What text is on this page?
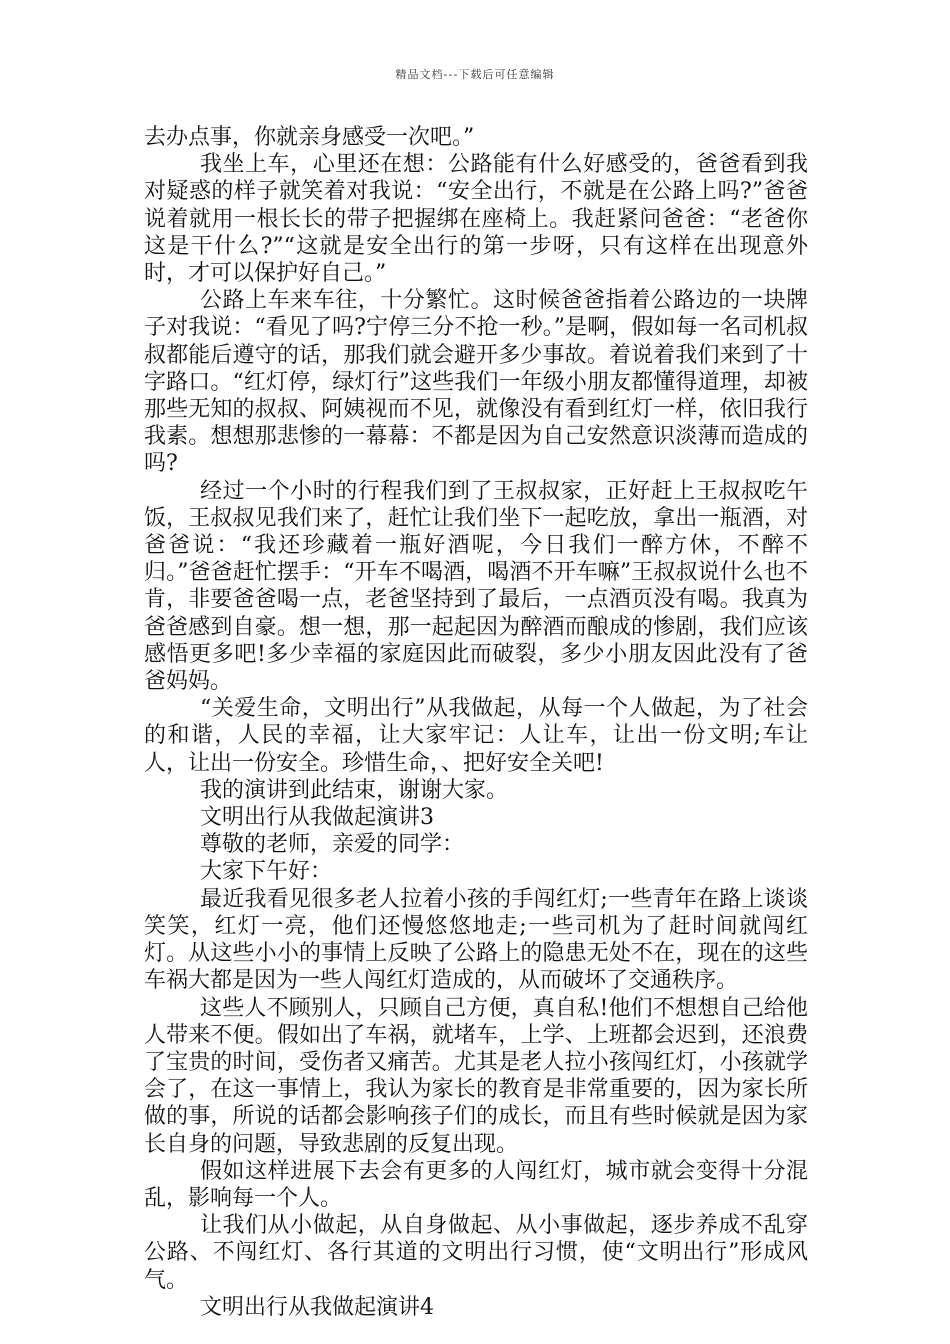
精品文档---下载后可任意编辑

去办点事，你就亲身感受一次吧。”

我坐上车，心里还在想：公路能有什么好感受的，爸爸看到我对疑惑的样子就笑着对我说：“安全出行，不就是在公路上吗?”爸爸说着就用一根长长的带子把握绑在座椅上。我赶紧问爸爸：“老爸你这是干什么?”“这就是安全出行的第一步呀，只有这样在出现意外时，才可以保护好自己。”

公路上车来车往，十分繁忙。这时候爸爸指着公路边的一块牌子对我说：“看见了吗?宁停三分不抢一秒。”是啊，假如每一名司机叔叔都能后遵守的话，那我们就会避开多少事故。着说着我们来到了十字路口。“红灯停，绿灯行”这些我们一年级小朋友都懂得道理，却被那些无知的叔叔、阿姨视而不见，就像没有看到红灯一样，依旧我行我素。想想那悲惨的一幕幕：不都是因为自己安然意识淡薄而造成的吗?

经过一个小时的行程我们到了王叔叔家，正好赶上王叔叔吃午饭，王叔叔见我们来了，赶忙让我们坐下一起吃放，拿出一瓶酒，对爸爸说：“我还珍藏着一瓶好酒呢，今日我们一醉方休，不醉不归。”爸爸赶忙摆手：“开车不喝酒，喝酒不开车嘛”王叔叔说什么也不肯，非要爸爸喝一点，老爸坚持到了最后，一点酒页没有喝。我真为爸爸感到自豪。想一想，那一起起因为醉酒而酿成的惨剧，我们应该感悟更多吧!多少幸福的家庭因此而破裂，多少小朋友因此没有了爸爸妈妈。

“关爱生命，文明出行”从我做起，从每一个人做起，为了社会的和谐，人民的幸福，让大家牢记：人让车，让出一份文明;车让人，让出一份安全。珍惜生命，、把好安全关吧!

我的演讲到此结束，谢谢大家。

文明出行从我做起演讲3

尊敬的老师，亲爱的同学：

大家下午好：

最近我看见很多老人拉着小孩的手闯红灯;一些青年在路上谈谈笑笑，红灯一亮，他们还慢悠悠地走;一些司机为了赶时间就闯红灯。从这些小小的事情上反映了公路上的隐患无处不在，现在的这些车祸大都是因为一些人闯红灯造成的，从而破坏了交通秩序。

这些人不顾别人，只顾自己方便，真自私!他们不想想自己给他人带来不便。假如出了车祸，就堵车，上学、上班都会迟到，还浪费了宝贵的时间，受伤者又痛苦。尤其是老人拉小孩闯红灯，小孩就学会了，在这一事情上，我认为家长的教育是非常重要的，因为家长所做的事，所说的话都会影响孩子们的成长，而且有些时候就是因为家长自身的问题，导致悲剧的反复出现。

假如这样进展下去会有更多的人闯红灯，城市就会变得十分混乱，影响每一个人。

让我们从小做起，从自身做起、从小事做起，逐步养成不乱穿公路、不闯红灯、各行其道的文明出行习惯，使“文明出行”形成风气。

文明出行从我做起演讲4
